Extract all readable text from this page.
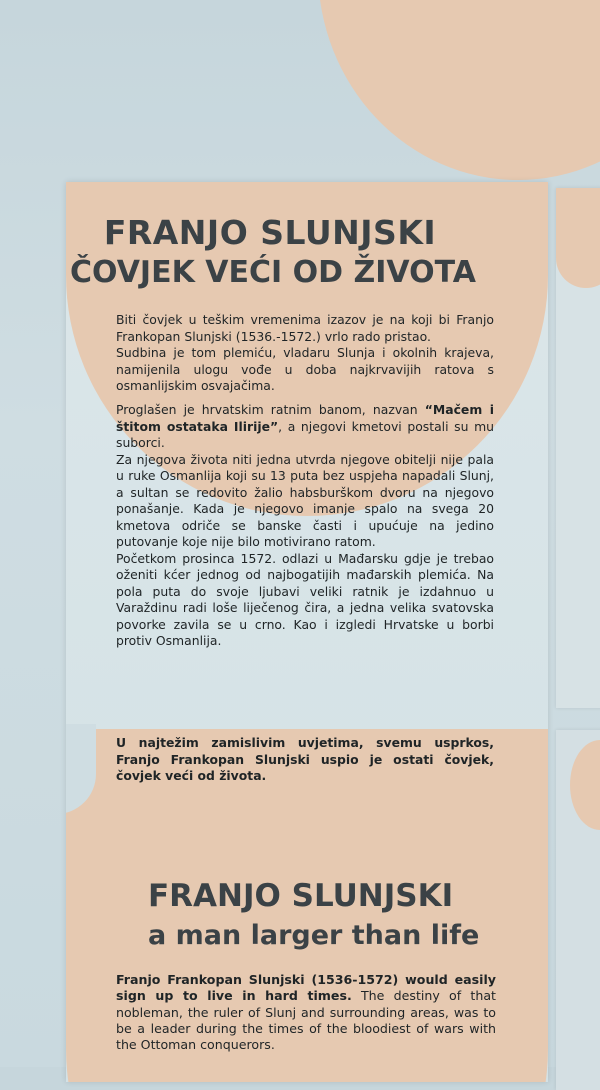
FRANJO SLUNJSKI
ČOVJEK VEĆI OD ŽIVOTA

Biti čovjek u teškim vremenima izazov je na koji bi Franjo Frankopan Slunjski (1536.-1572.) vrlo rado pristao.
Sudbina je tom plemiću, vladaru Slunja i okolnih krajeva, namijenila ulogu vođe u doba najkrvavijih ratova s osmanlijskim osvajačima.

Proglašen je hrvatskim ratnim banom, nazvan “Mačem i štitom ostataka Ilirije”, a njegovi kmetovi postali su mu suborci.
Za njegova života niti jedna utvrda njegove obitelji nije pala u ruke Osmanlija koji su 13 puta bez uspjeha napadali Slunj, a sultan se redovito žalio habsburškom dvoru na njegovo ponašanje. Kada je njegovo imanje spalo na svega 20 kmetova odriče se banske časti i upućuje na jedino putovanje koje nije bilo motivirano ratom.
Početkom prosinca 1572. odlazi u Mađarsku gdje je trebao oženiti kćer jednog od najbogatijih mađarskih plemića. Na pola puta do svoje ljubavi veliki ratnik je izdahnuo u Varaždinu radi loše liječenog čira, a jedna velika svatovska povorke zavila se u crno. Kao i izgledi Hrvatske u borbi protiv Osmanlija.

U najtežim zamislivim uvjetima, svemu usprkos, Franjo Frankopan Slunjski uspio je ostati čovjek, čovjek veći od života.

FRANJO SLUNJSKI
a man larger than life

Franjo Frankopan Slunjski (1536-1572) would easily sign up to live in hard times. The destiny of that nobleman, the ruler of Slunj and surrounding areas, was to be a leader during the times of the bloodiest of wars with the Ottoman conquerors.
